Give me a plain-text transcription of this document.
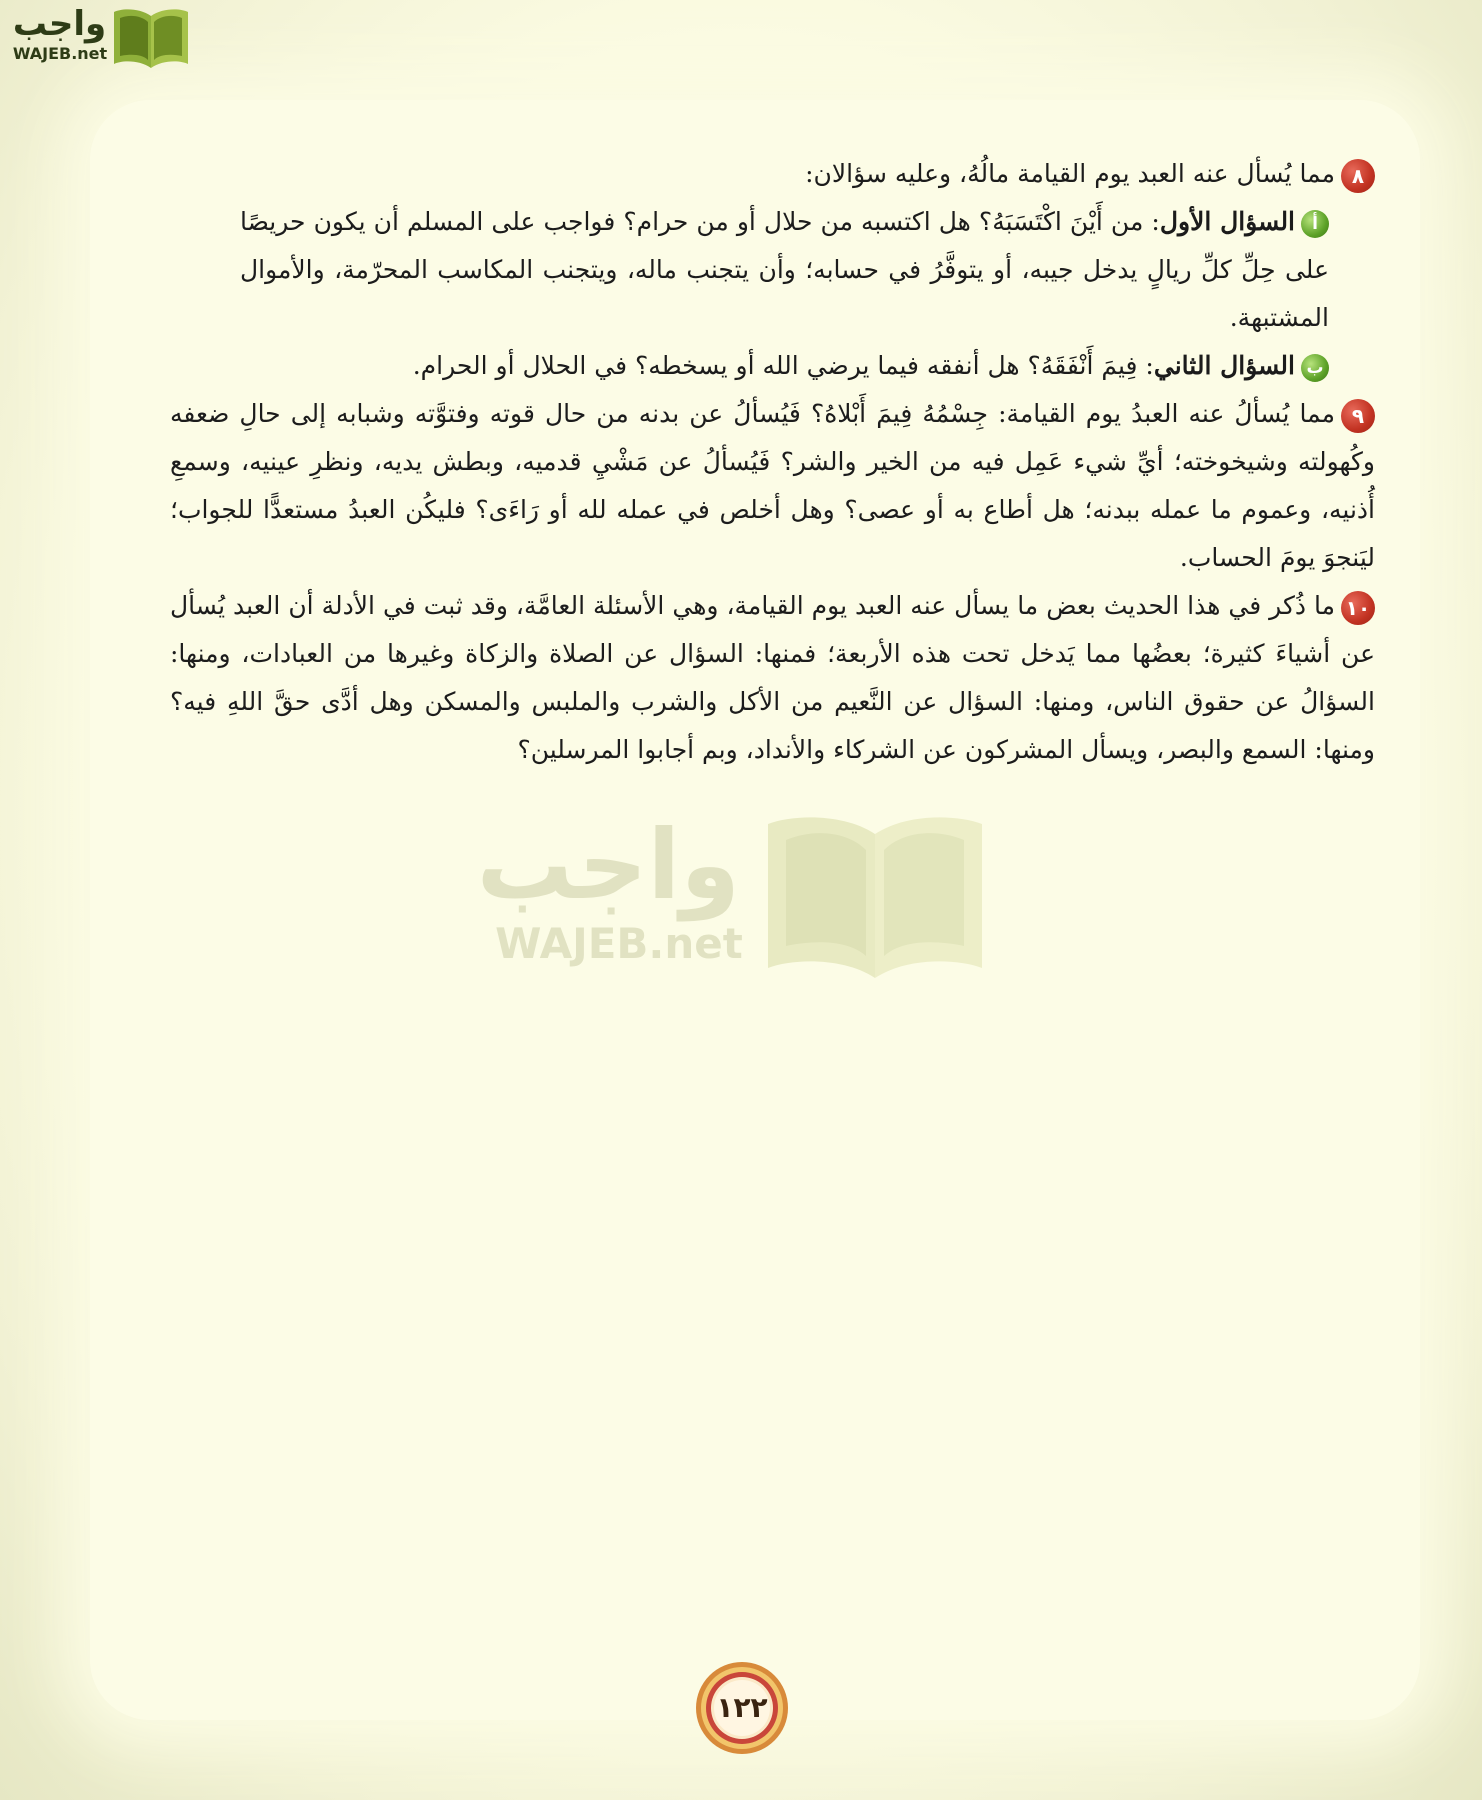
واجب
WAJEB.net
٨مما يُسأل عنه العبد يوم القيامة مالُهُ، وعليه سؤالان:
أالسؤال الأول: من أَيْنَ اكْتَسَبَهُ؟ هل اكتسبه من حلال أو من حرام؟ فواجب على المسلم أن يكون حريصًا على حِلِّ كلِّ ريالٍ يدخل جيبه، أو يتوفَّرُ في حسابه؛ وأن يتجنب ماله، ويتجنب المكاسب المحرّمة، والأموال المشتبهة.
بالسؤال الثاني: فِيمَ أَنْفَقَهُ؟ هل أنفقه فيما يرضي الله أو يسخطه؟ في الحلال أو الحرام.
٩مما يُسألُ عنه العبدُ يوم القيامة: جِسْمُهُ فِيمَ أَبْلاهُ؟ فَيُسألُ عن بدنه من حال قوته وفتوَّته وشبابه إلى حالِ ضعفه وكُهولته وشيخوخته؛ أيِّ شيء عَمِل فيه من الخير والشر؟ فَيُسألُ عن مَشْيِ قدميه، وبطش يديه، ونظرِ عينيه، وسمعِ أُذنيه، وعموم ما عمله ببدنه؛ هل أطاع به أو عصى؟ وهل أخلص في عمله لله أو رَاءَى؟ فليكُن العبدُ مستعدًّا للجواب؛ ليَنجوَ يومَ الحساب.
١٠ما ذُكر في هذا الحديث بعض ما يسأل عنه العبد يوم القيامة، وهي الأسئلة العامَّة، وقد ثبت في الأدلة أن العبد يُسأل عن أشياءَ كثيرة؛ بعضُها مما يَدخل تحت هذه الأربعة؛ فمنها: السؤال عن الصلاة والزكاة وغيرها من العبادات، ومنها: السؤالُ عن حقوق الناس، ومنها: السؤال عن النَّعيم من الأكل والشرب والملبس والمسكن وهل أدَّى حقَّ اللهِ فيه؟ ومنها: السمع والبصر، ويسأل المشركون عن الشركاء والأنداد، وبم أجابوا المرسلين؟
واجب
WAJEB.net
١٢٢
